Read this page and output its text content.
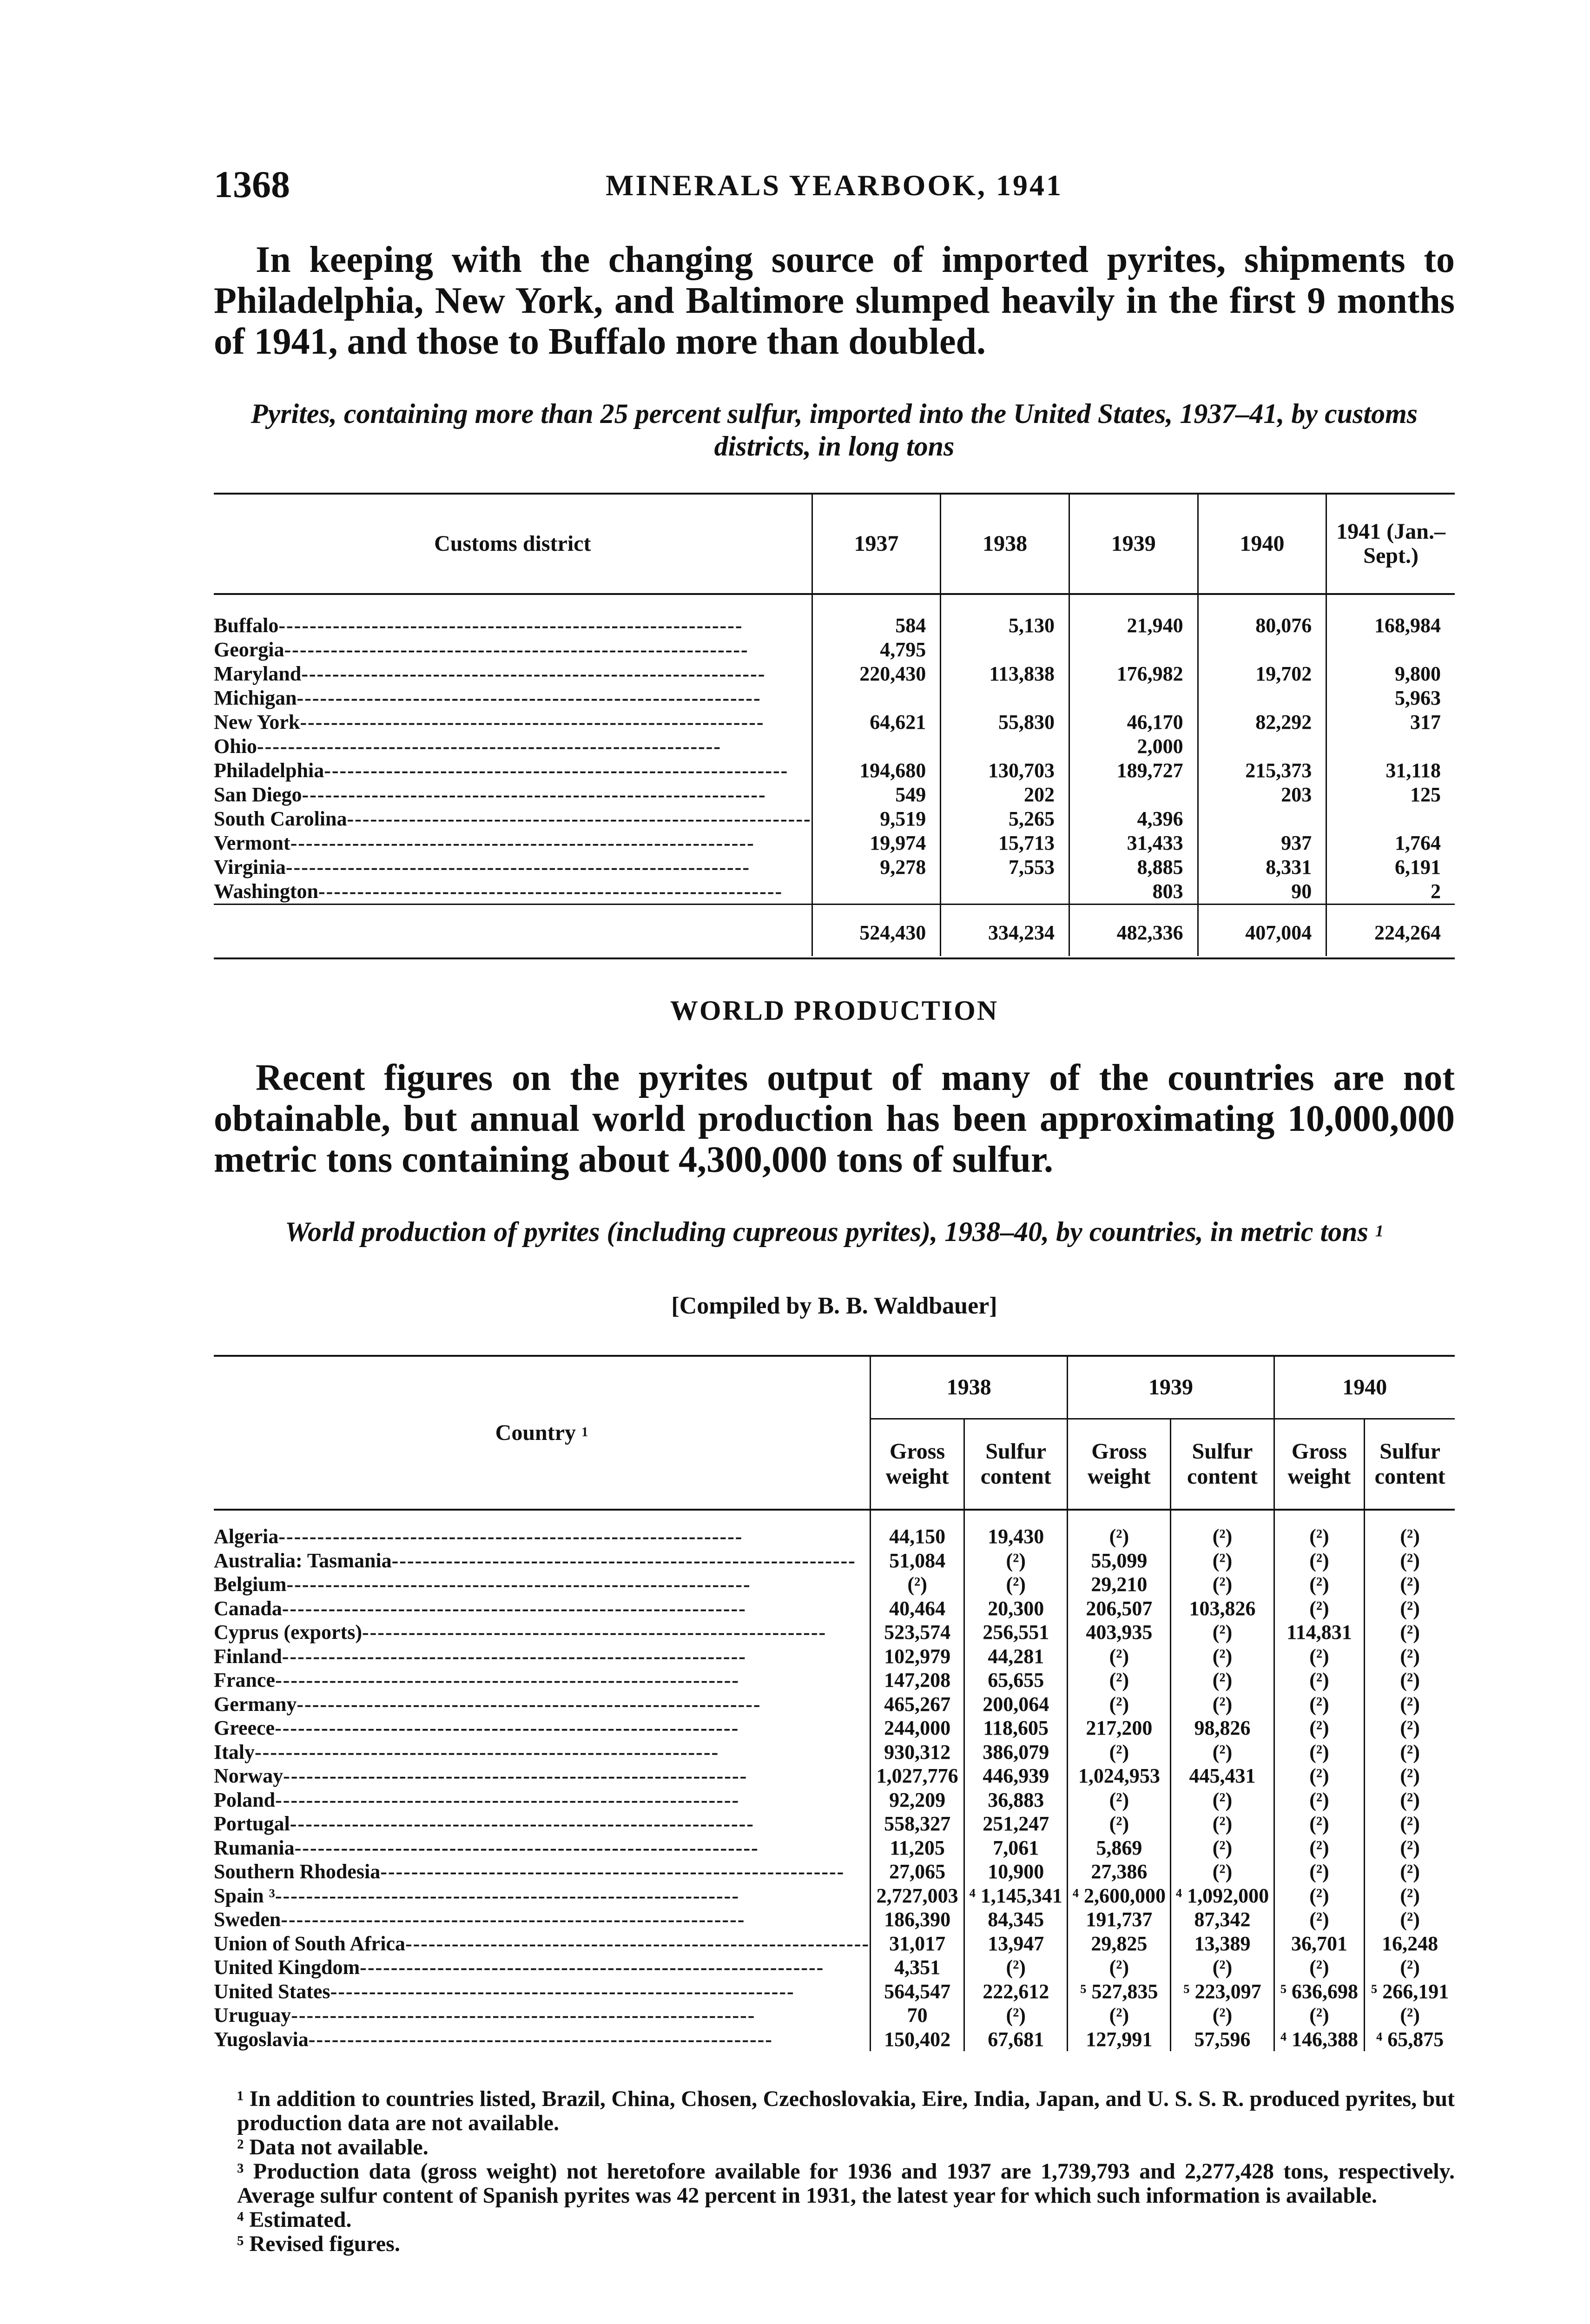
1368	MINERALS YEARBOOK, 1941
In keeping with the changing source of imported pyrites, shipments to Philadelphia, New York, and Baltimore slumped heavily in the first 9 months of 1941, and those to Buffalo more than doubled.
Pyrites, containing more than 25 percent sulfur, imported into the United States, 1937–41, by customs districts, in long tons
Customs district	1937	1938	1939	1940	1941 (Jan.–Sept.)
Buffalo------------------------------------------------------------	584	5,130	21,940	80,076	168,984
Georgia------------------------------------------------------------	4,795				
Maryland------------------------------------------------------------	220,430	113,838	176,982	19,702	9,800
Michigan------------------------------------------------------------					5,963
New York------------------------------------------------------------	64,621	55,830	46,170	82,292	317
Ohio------------------------------------------------------------			2,000		
Philadelphia------------------------------------------------------------	194,680	130,703	189,727	215,373	31,118
San Diego------------------------------------------------------------	549	202		203	125
South Carolina------------------------------------------------------------	9,519	5,265	4,396		
Vermont------------------------------------------------------------	19,974	15,713	31,433	937	1,764
Virginia------------------------------------------------------------	9,278	7,553	8,885	8,331	6,191
Washington------------------------------------------------------------			803	90	2
	524,430	334,234	482,336	407,004	224,264
WORLD PRODUCTION
Recent figures on the pyrites output of many of the countries are not obtainable, but annual world production has been approximating 10,000,000 metric tons containing about 4,300,000 tons of sulfur.
World production of pyrites (including cupreous pyrites), 1938–40, by countries, in metric tons $^1$
[Compiled by B. B. Waldbauer]
Country $^1$	1938		1939		1940	
	Gross weight	Sulfur content	Gross weight	Sulfur content	Gross weight	Sulfur content
Algeria------------------------------------------------------------	44,150	19,430	(²)	(²)	(²)	(²)
Australia: Tasmania------------------------------------------------------------	51,084	(²)	55,099	(²)	(²)	(²)
Belgium------------------------------------------------------------	(²)	(²)	29,210	(²)	(²)	(²)
Canada------------------------------------------------------------	40,464	20,300	206,507	103,826	(²)	(²)
Cyprus (exports)------------------------------------------------------------	523,574	256,551	403,935	(²)	114,831	(²)
Finland------------------------------------------------------------	102,979	44,281	(²)	(²)	(²)	(²)
France------------------------------------------------------------	147,208	65,655	(²)	(²)	(²)	(²)
Germany------------------------------------------------------------	465,267	200,064	(²)	(²)	(²)	(²)
Greece------------------------------------------------------------	244,000	118,605	217,200	98,826	(²)	(²)
Italy------------------------------------------------------------	930,312	386,079	(²)	(²)	(²)	(²)
Norway------------------------------------------------------------	1,027,776	446,939	1,024,953	445,431	(²)	(²)
Poland------------------------------------------------------------	92,209	36,883	(²)	(²)	(²)	(²)
Portugal------------------------------------------------------------	558,327	251,247	(²)	(²)	(²)	(²)
Rumania------------------------------------------------------------	11,205	7,061	5,869	(²)	(²)	(²)
Southern Rhodesia------------------------------------------------------------	27,065	10,900	27,386	(²)	(²)	(²)
Spain ³------------------------------------------------------------	2,727,003	⁴ 1,145,341	⁴ 2,600,000	⁴ 1,092,000	(²)	(²)
Sweden------------------------------------------------------------	186,390	84,345	191,737	87,342	(²)	(²)
Union of South Africa------------------------------------------------------------	31,017	13,947	29,825	13,389	36,701	16,248
United Kingdom------------------------------------------------------------	4,351	(²)	(²)	(²)	(²)	(²)
United States------------------------------------------------------------	564,547	222,612	⁵ 527,835	⁵ 223,097	⁵ 636,698	⁵ 266,191
Uruguay------------------------------------------------------------	70	(²)	(²)	(²)	(²)	(²)
Yugoslavia------------------------------------------------------------	150,402	67,681	127,991	57,596	⁴ 146,388	⁴ 65,875

¹ In addition to countries listed, Brazil, China, Chosen, Czechoslovakia, Eire, India, Japan, and U. S. S. R. produced pyrites, but production data are not available.

² Data not available.

³ Production data (gross weight) not heretofore available for 1936 and 1937 are 1,739,793 and 2,277,428 tons, respectively. Average sulfur content of Spanish pyrites was 42 percent in 1931, the latest year for which such information is available.

⁴ Estimated.

⁵ Revised figures.
